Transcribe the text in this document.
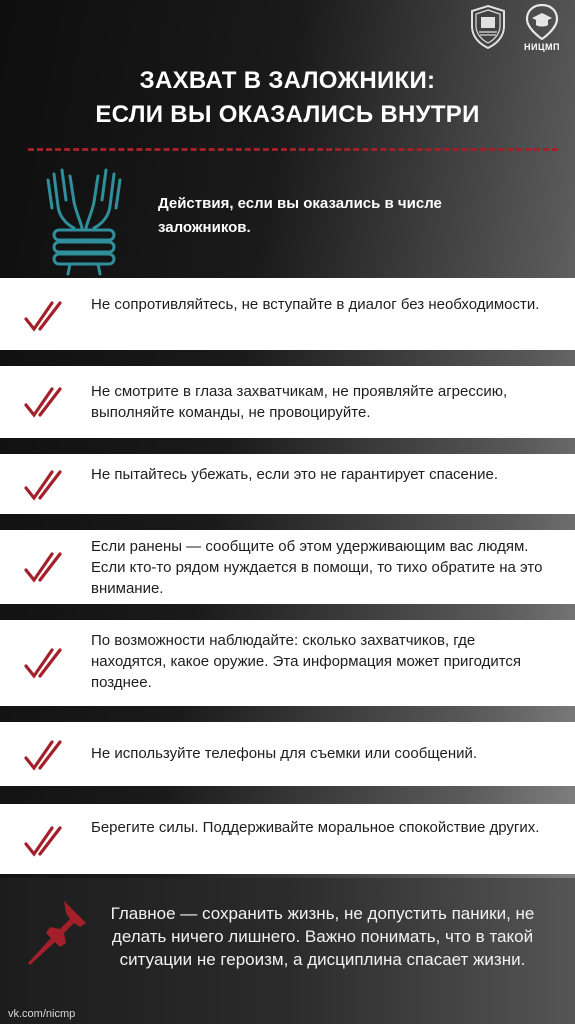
НИЦМП
ЗАХВАТ В ЗАЛОЖНИКИ:
ЕСЛИ ВЫ ОКАЗАЛИСЬ ВНУТРИ
Действия, если вы оказались в числе заложников.
Не сопротивляйтесь, не вступайте в диалог без необходимости.
Не смотрите в глаза захватчикам, не проявляйте агрессию, выполняйте команды, не провоцируйте.
Не пытайтесь убежать, если это не гарантирует спасение.
Если ранены — сообщите об этом удерживающим вас людям. Если кто-то рядом нуждается в помощи, то тихо обратите на это внимание.
По возможности наблюдайте: сколько захватчиков, где находятся, какое оружие. Эта информация может пригодится позднее.
Не используйте телефоны для съемки или сообщений.
Берегите силы. Поддерживайте моральное спокойствие других.
Главное — сохранить жизнь, не допустить паники, не делать ничего лишнего. Важно понимать, что в такой ситуации не героизм, а дисциплина спасает жизни.
vk.com/nicmp
